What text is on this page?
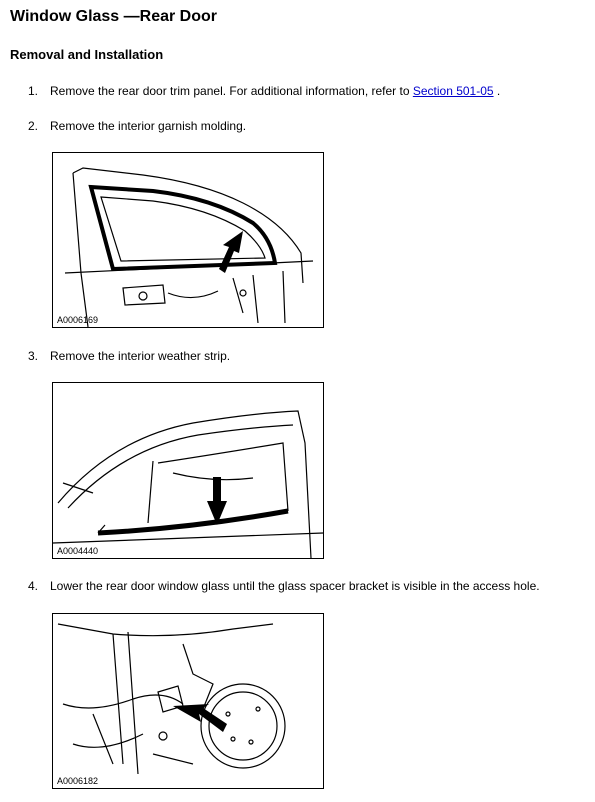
Window Glass —Rear Door
Removal and Installation
1. Remove the rear door trim panel. For additional information, refer to Section 501-05 .
2. Remove the interior garnish molding.
A0006169
3. Remove the interior weather strip.
A0004440
4. Lower the rear door window glass until the glass spacer bracket is visible in the access hole.
A0006182
